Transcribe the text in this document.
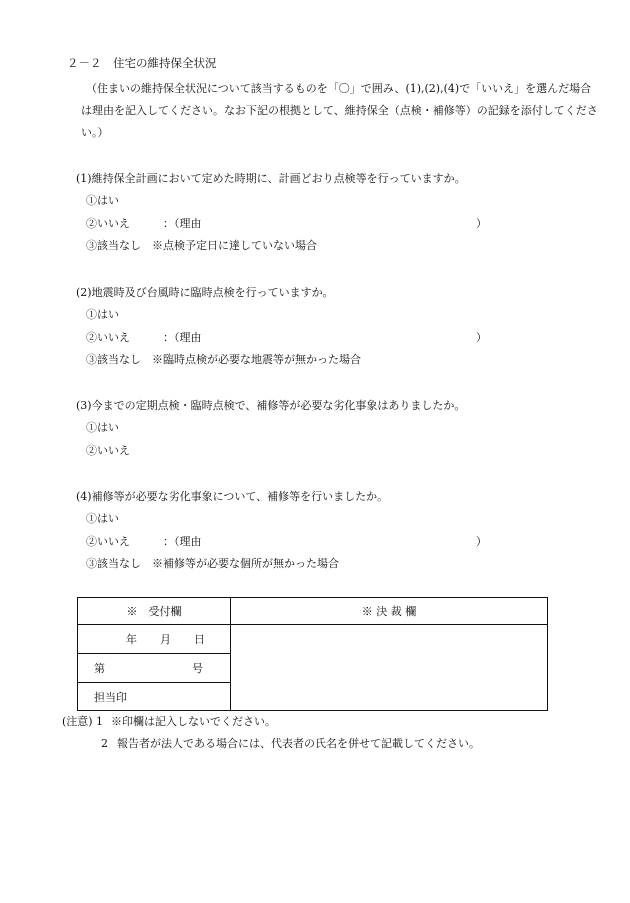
２－２　住宅の維持保全状況
（住まいの維持保全状況について該当するものを「〇」で囲み、(1),(2),(4)で「いいえ」を選んだ場合
は理由を記入してください。なお下記の根拠として、維持保全（点検・補修等）の記録を添付してくださ
い。）
(1)維持保全計画において定めた時期に、計画どおり点検等を行っていますか。
①はい
②いいえ	：（理由	）
③該当なし　※点検予定日に達していない場合
(2)地震時及び台風時に臨時点検を行っていますか。
①はい
②いいえ	：（理由	）
③該当なし　※臨時点検が必要な地震等が無かった場合
(3)今までの定期点検・臨時点検で、補修等が必要な劣化事象はありましたか。
①はい
②いいえ
(4)補修等が必要な劣化事象について、補修等を行いましたか。
①はい
②いいえ	：（理由	）
③該当なし　※補修等が必要な個所が無かった場合
※　受付欄	※ 決 裁 欄

年 月 日	

第 号	

担当印	
(注意) 1 ※印欄は記入しないでください。
2 報告者が法人である場合には、代表者の氏名を併せて記載してください。
